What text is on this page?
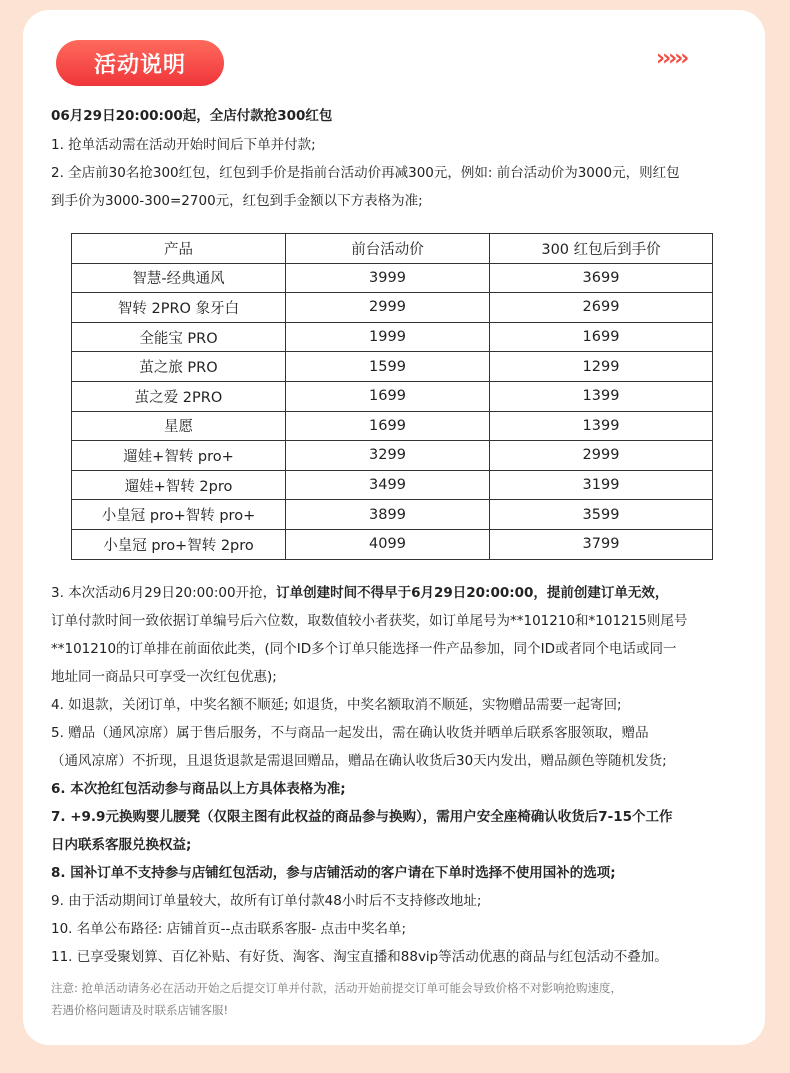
活动说明	›››››
06月29日20:00:00起，全店付款抢300红包
1. 抢单活动需在活动开始时间后下单并付款;
2. 全店前30名抢300红包，红包到手价是指前台活动价再减300元，例如: 前台活动价为3000元，则红包
到手价为3000-300=2700元，红包到手金额以下方表格为准;
产品	前台活动价	300 红包后到手价
智慧-经典通风	3999	3699
智转 2PRO 象牙白	2999	2699
全能宝 PRO	1999	1699
茧之旅 PRO	1599	1299
茧之爱 2PRO	1699	1399
星愿	1699	1399
遛娃+智转 pro+	3299	2999
遛娃+智转 2pro	3499	3199
小皇冠 pro+智转 pro+	3899	3599
小皇冠 pro+智转 2pro	4099	3799
3. 本次活动6月29日20:00:00开抢，订单创建时间不得早于6月29日20:00:00，提前创建订单无效，
订单付款时间一致依据订单编号后六位数，取数值较小者获奖，如订单尾号为**101210和*101215则尾号
**101210的订单排在前面依此类，(同个ID多个订单只能选择一件产品参加，同个ID或者同个电话或同一
地址同一商品只可享受一次红包优惠);
4. 如退款，关闭订单，中奖名额不顺延; 如退货，中奖名额取消不顺延，实物赠品需要一起寄回;
5. 赠品（通风凉席）属于售后服务，不与商品一起发出，需在确认收货并晒单后联系客服领取，赠品
（通风凉席）不折现，且退货退款是需退回赠品，赠品在确认收货后30天内发出，赠品颜色等随机发货;
6. 本次抢红包活动参与商品以上方具体表格为准;
7. +9.9元换购婴儿腰凳（仅限主图有此权益的商品参与换购），需用户安全座椅确认收货后7-15个工作
日内联系客服兑换权益;
8. 国补订单不支持参与店铺红包活动，参与店铺活动的客户请在下单时选择不使用国补的选项;
9. 由于活动期间订单量较大，故所有订单付款48小时后不支持修改地址;
10. 名单公布路径: 店铺首页--点击联系客服- 点击中奖名单;
11. 已享受聚划算、百亿补贴、有好货、淘客、淘宝直播和88vip等活动优惠的商品与红包活动不叠加。
注意: 抢单活动请务必在活动开始之后提交订单并付款，活动开始前提交订单可能会导致价格不对影响抢购速度，
若遇价格问题请及时联系店铺客服!
